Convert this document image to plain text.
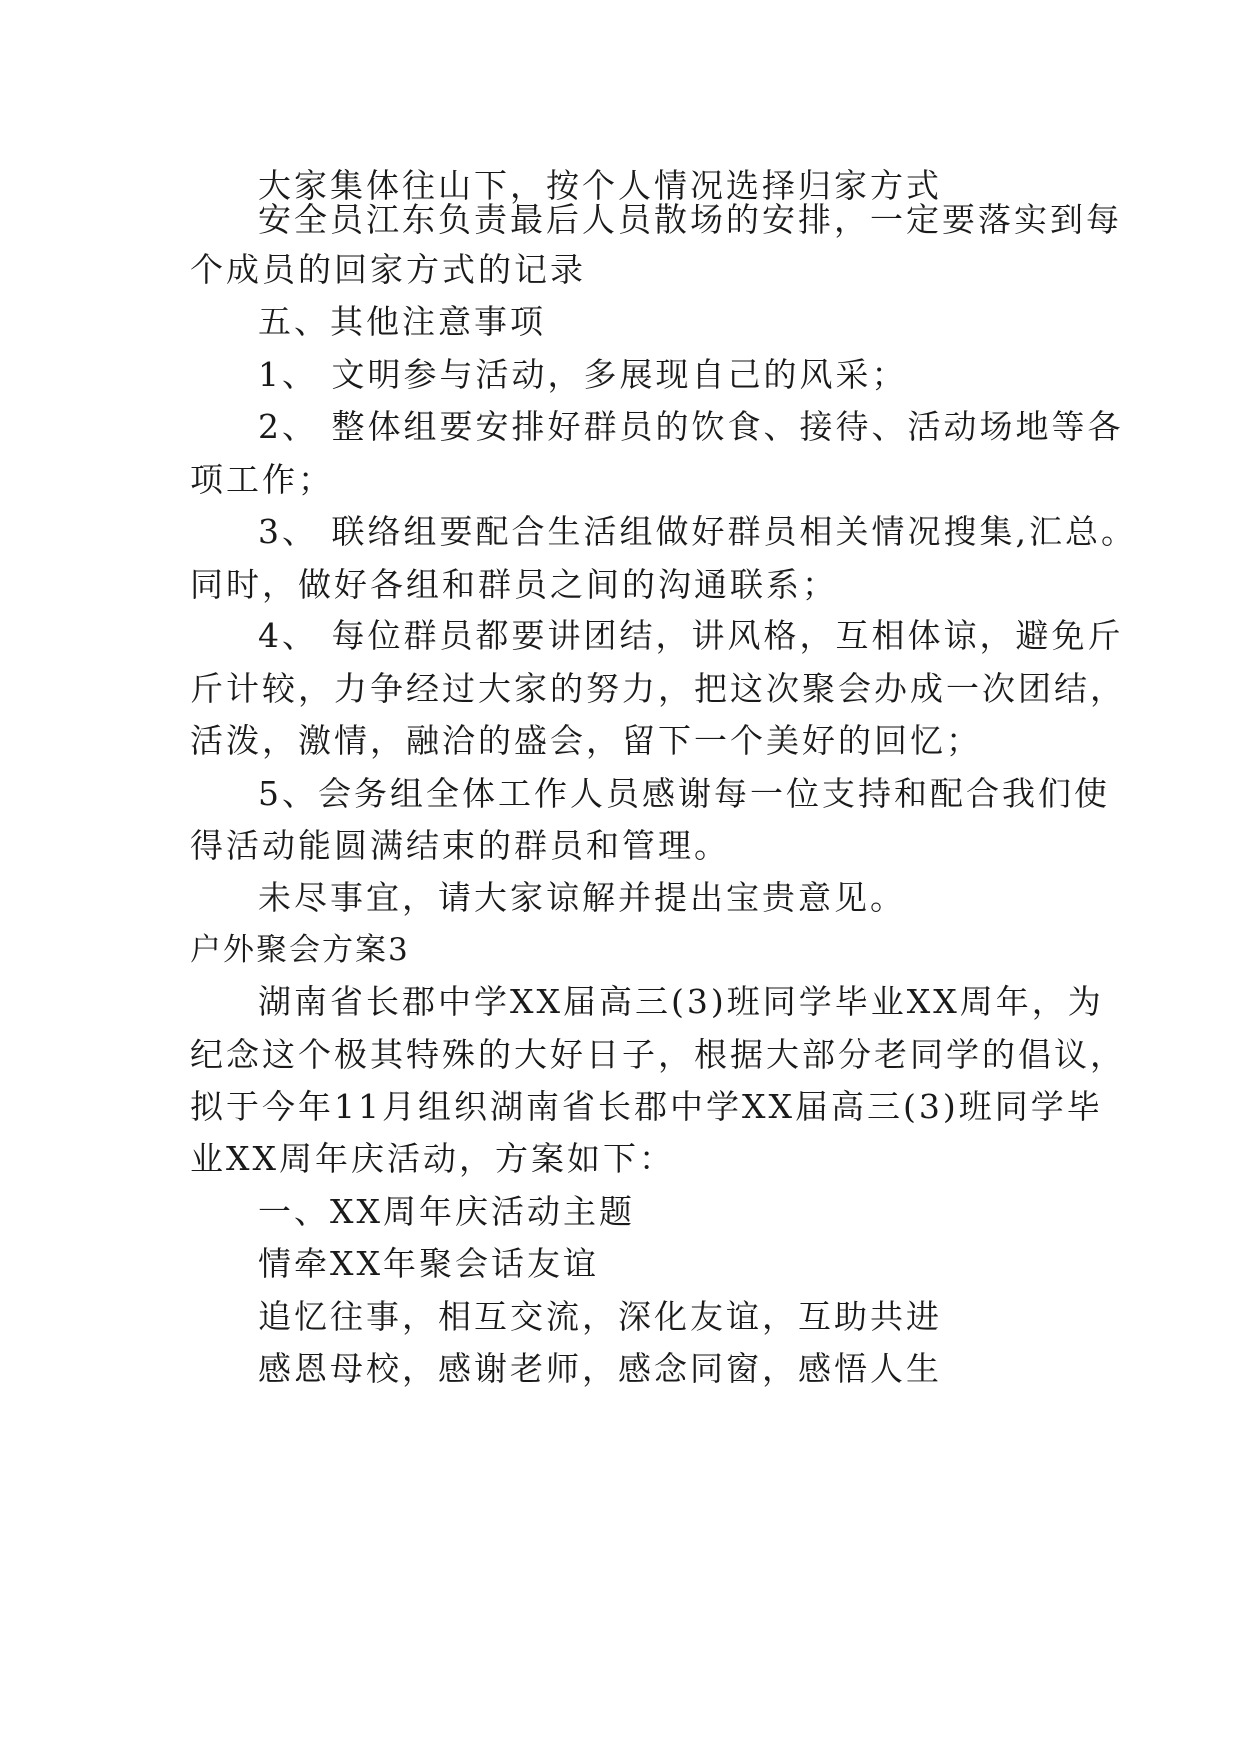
大家集体往山下，按个人情况选择归家方式

安全员江东负责最后人员散场的安排，一定要落实到每

个成员的回家方式的记录

五、其他注意事项

1、 文明参与活动，多展现自己的风采；

2、 整体组要安排好群员的饮食、接待、活动场地等各

项工作；

3、 联络组要配合生活组做好群员相关情况搜集,汇总。

同时，做好各组和群员之间的沟通联系；

4、 每位群员都要讲团结，讲风格，互相体谅，避免斤

斤计较，力争经过大家的努力，把这次聚会办成一次团结，

活泼，激情，融洽的盛会，留下一个美好的回忆；

5、会务组全体工作人员感谢每一位支持和配合我们使

得活动能圆满结束的群员和管理。

未尽事宜，请大家谅解并提出宝贵意见。

户外聚会方案3

湖南省长郡中学XX届高三(3)班同学毕业XX周年，为

纪念这个极其特殊的大好日子，根据大部分老同学的倡议，

拟于今年11月组织湖南省长郡中学XX届高三(3)班同学毕

业XX周年庆活动，方案如下：

一、XX周年庆活动主题

情牵XX年聚会话友谊

追忆往事，相互交流，深化友谊，互助共进

感恩母校，感谢老师，感念同窗，感悟人生
